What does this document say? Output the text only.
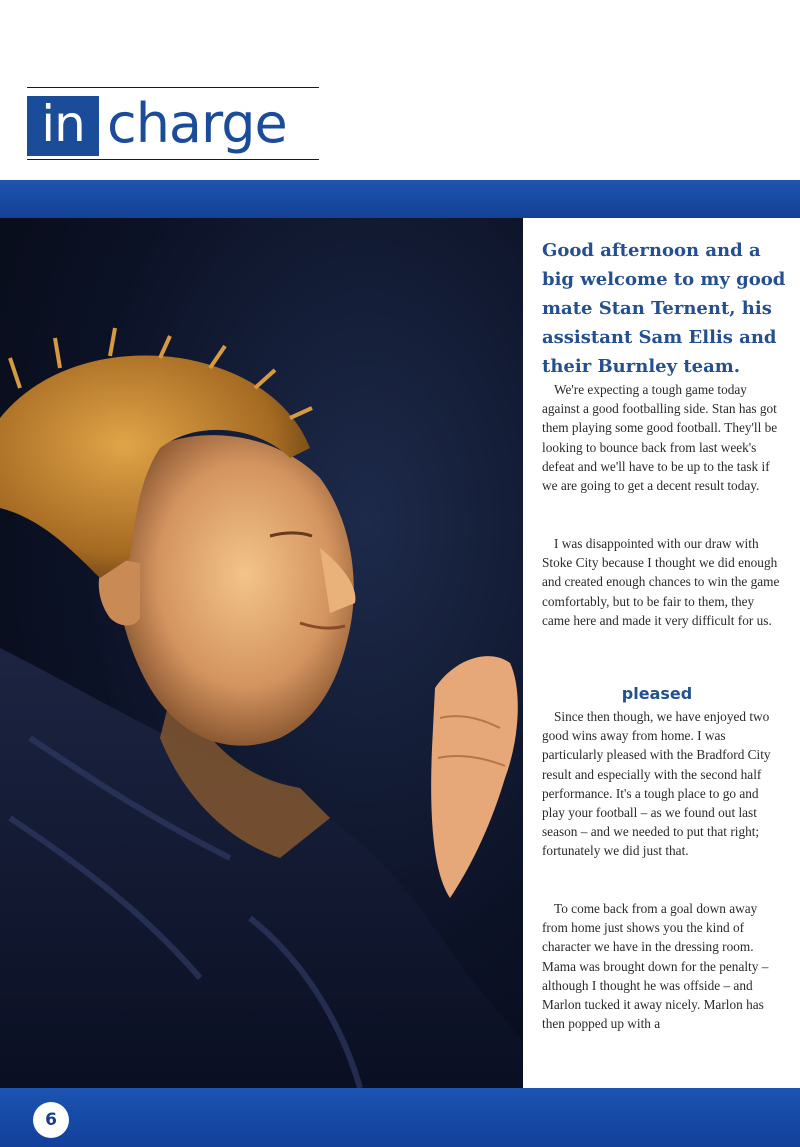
in charge
Good afternoon and a big welcome to my good mate Stan Ternent, his assistant Sam Ellis and their Burnley team.
We're expecting a tough game today against a good footballing side. Stan has got them playing some good football. They'll be looking to bounce back from last week's defeat and we'll have to be up to the task if we are going to get a decent result today.
I was disappointed with our draw with Stoke City because I thought we did enough and created enough chances to win the game comfortably, but to be fair to them, they came here and made it very difficult for us.
pleased
Since then though, we have enjoyed two good wins away from home. I was particularly pleased with the Bradford City result and especially with the second half performance. It's a tough place to go and play your football – as we found out last season – and we needed to put that right; fortunately we did just that.
To come back from a goal down away from home just shows you the kind of character we have in the dressing room. Mama was brought down for the penalty – although I thought he was offside – and Marlon tucked it away nicely. Marlon has then popped up with a
6
